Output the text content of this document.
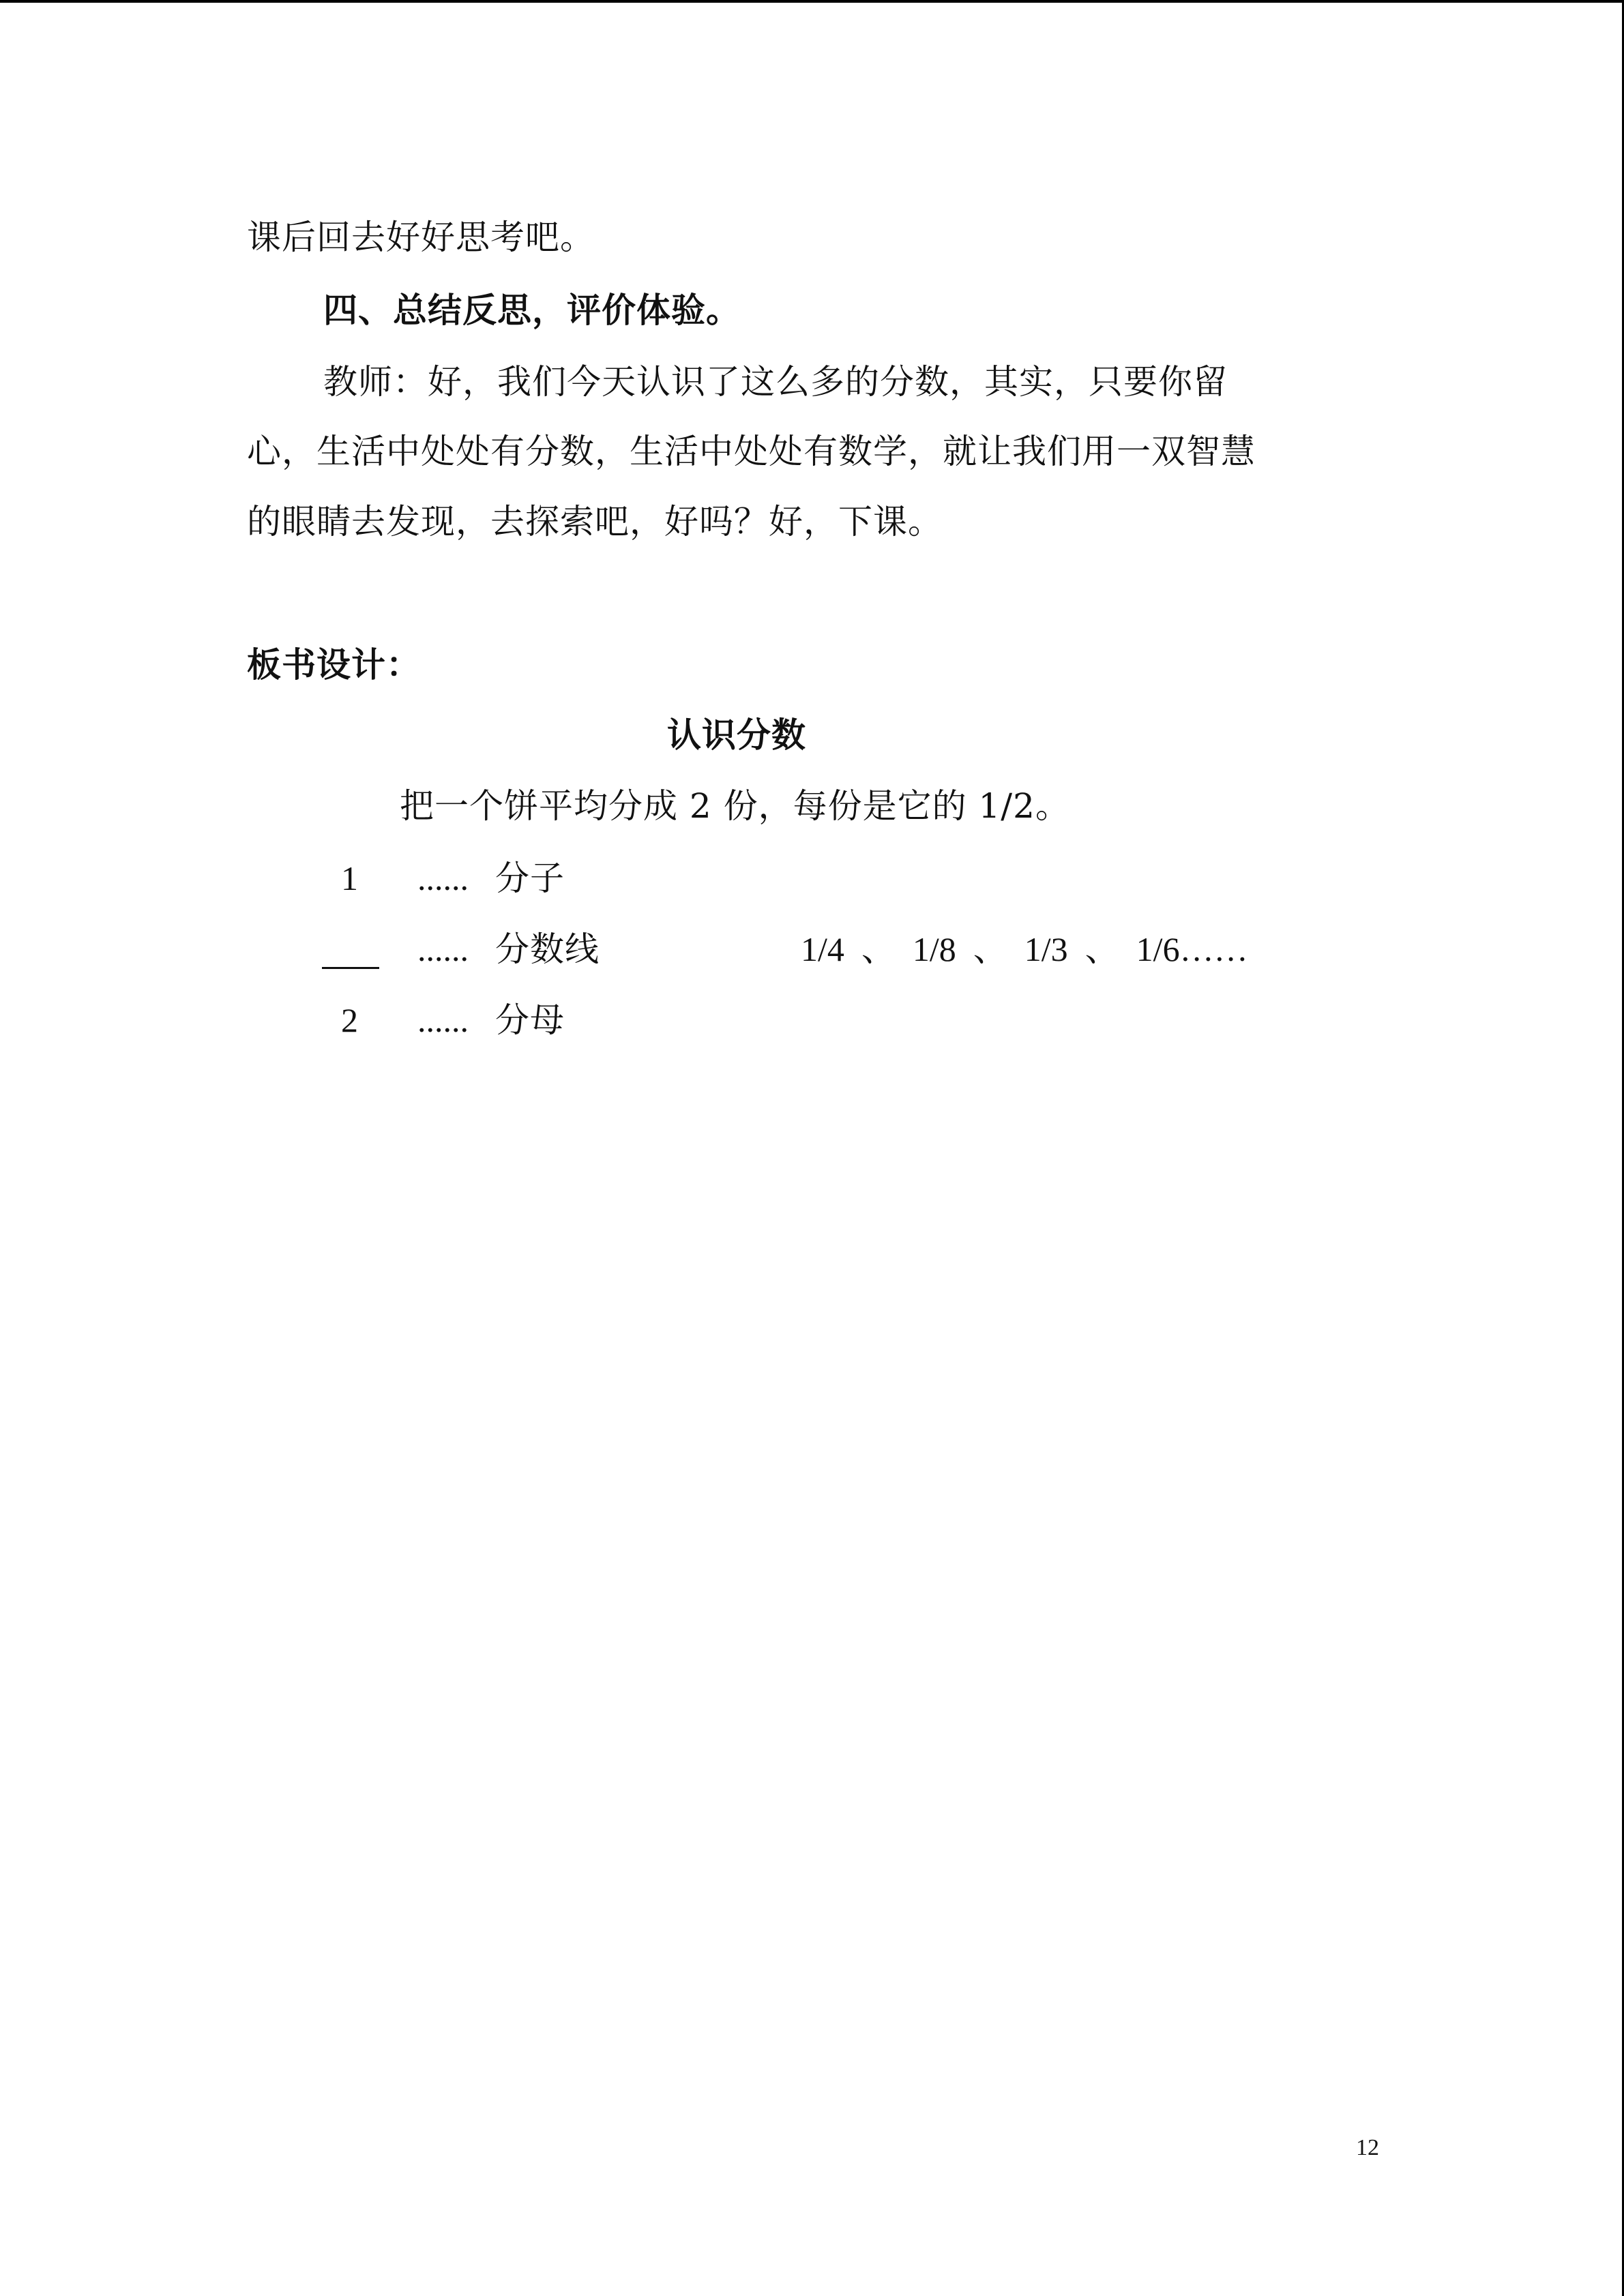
课后回去好好思考吧。
四、总结反思，评价体验。
教师：好，我们今天认识了这么多的分数，其实，只要你留
心，生活中处处有分数，生活中处处有数学，就让我们用一双智慧
的眼睛去发现，去探索吧，好吗？好，下课。
板书设计：
认识分数
把一个饼平均分成 2 份，每份是它的 1/2。
1 ...... 分子
...... 分数线	1/4  、  1/8  、  1/3  、  1/6……
2 ...... 分母
12
